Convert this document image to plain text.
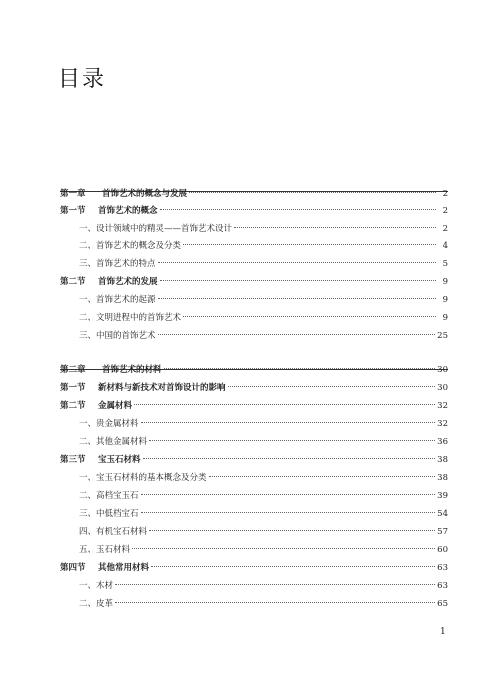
目录
第一章 首饰艺术的概念与发展	2
第一节 首饰艺术的概念	2
一、设计领域中的精灵——首饰艺术设计	2
二、首饰艺术的概念及分类	4
三、首饰艺术的特点	5
第二节 首饰艺术的发展	9
一、首饰艺术的起源	9
二、文明进程中的首饰艺术	9
三、中国的首饰艺术	25
第二章 首饰艺术的材料	30
第一节 新材料与新技术对首饰设计的影响	30
第二节 金属材料	32
一、贵金属材料	32
二、其他金属材料	36
第三节 宝玉石材料	38
一、宝玉石材料的基本概念及分类	38
二、高档宝玉石	39
三、中低档宝石	54
四、有机宝石材料	57
五、玉石材料	60
第四节 其他常用材料	63
一、木材	63
二、皮革	65
1
